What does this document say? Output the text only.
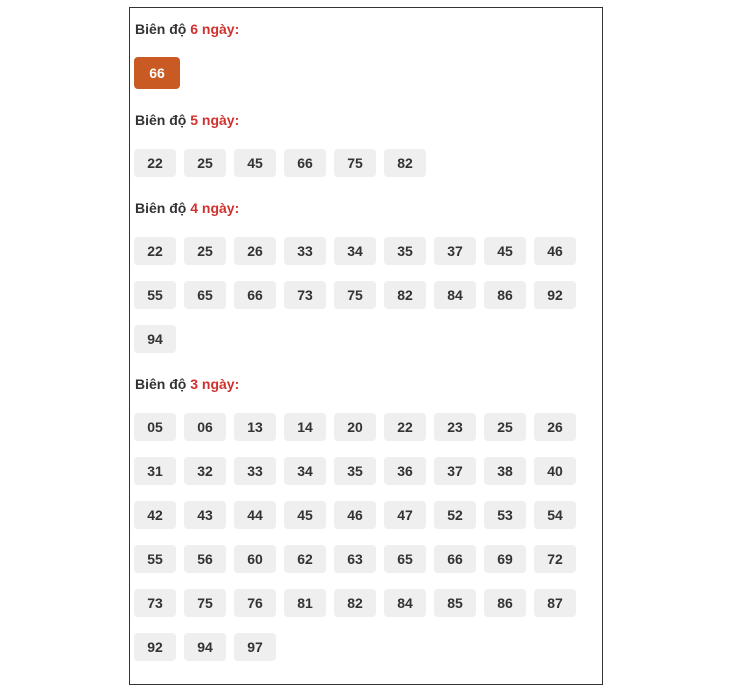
Biên độ 6 ngày:
66
Biên độ 5 ngày:
Biên độ 4 ngày:
Biên độ 3 ngày:
22	25	45	66	75	82
22	25	26	33	34	35	37	45	46
55	65	66	73	75	82	84	86	92
94
05	06	13	14	20	22	23	25	26
31	32	33	34	35	36	37	38	40
42	43	44	45	46	47	52	53	54
55	56	60	62	63	65	66	69	72
73	75	76	81	82	84	85	86	87
92	94	97
